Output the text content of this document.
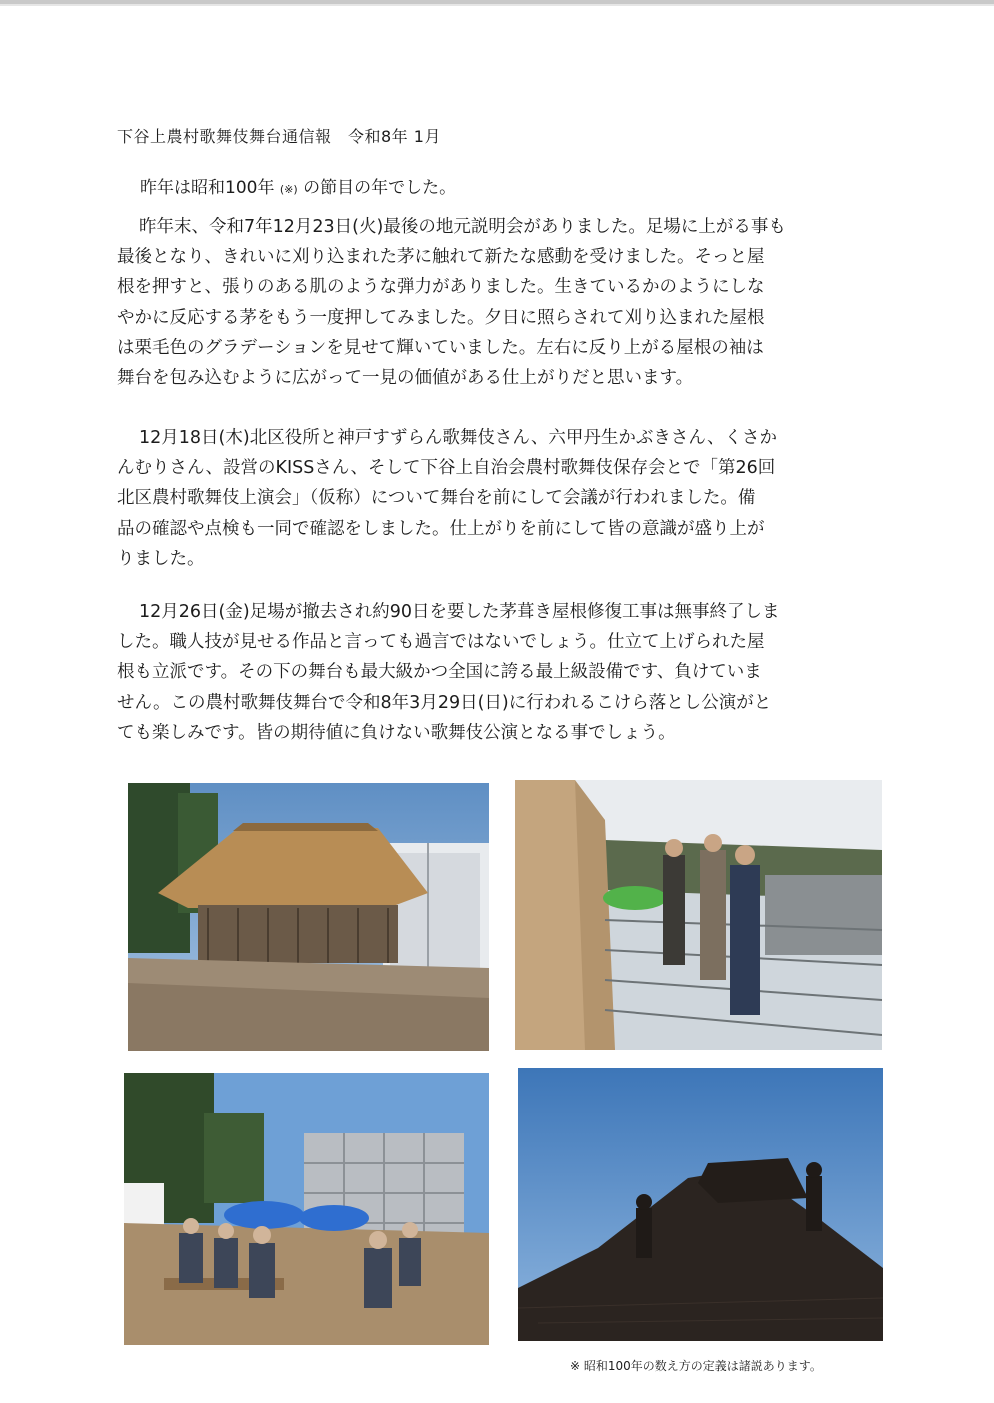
下谷上農村歌舞伎舞台通信報　令和8年 1月
昨年は昭和100年 (※) の節目の年でした。
昨年末、令和7年12月23日(火)最後の地元説明会がありました。足場に上がる事も
最後となり、きれいに刈り込まれた茅に触れて新たな感動を受けました。そっと屋
根を押すと、張りのある肌のような弾力がありました。生きているかのようにしな
やかに反応する茅をもう一度押してみました。夕日に照らされて刈り込まれた屋根
は栗毛色のグラデーションを見せて輝いていました。左右に反り上がる屋根の袖は
舞台を包み込むように広がって一見の価値がある仕上がりだと思います。
12月18日(木)北区役所と神戸すずらん歌舞伎さん、六甲丹生かぶきさん、くさか
んむりさん、設営のKISSさん、そして下谷上自治会農村歌舞伎保存会とで「第26回
北区農村歌舞伎上演会」（仮称）について舞台を前にして会議が行われました。備
品の確認や点検も一同で確認をしました。仕上がりを前にして皆の意識が盛り上が
りました。
12月26日(金)足場が撤去され約90日を要した茅葺き屋根修復工事は無事終了しま
した。職人技が見せる作品と言っても過言ではないでしょう。仕立て上げられた屋
根も立派です。その下の舞台も最大級かつ全国に誇る最上級設備です、負けていま
せん。この農村歌舞伎舞台で令和8年3月29日(日)に行われるこけら落とし公演がと
ても楽しみです。皆の期待値に負けない歌舞伎公演となる事でしょう。
※ 昭和100年の数え方の定義は諸説あります。
